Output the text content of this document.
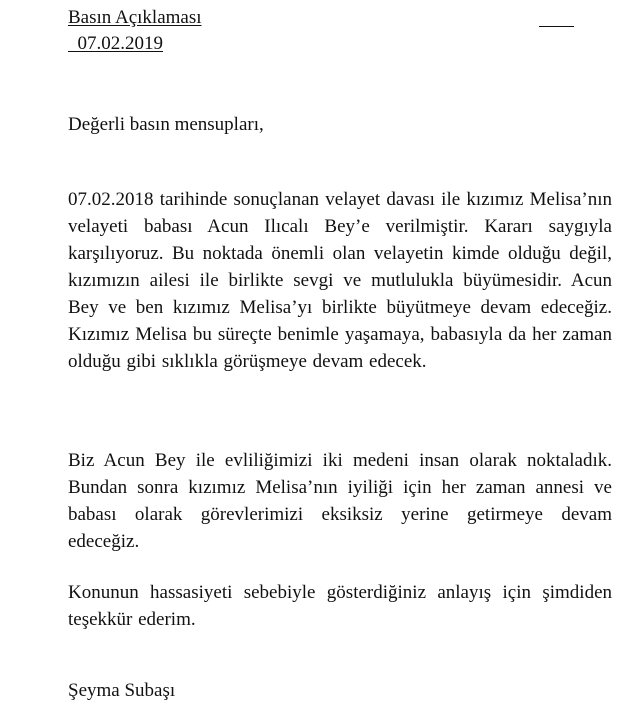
Basın Açıklaması
07.02.2019
Değerli basın mensupları,
07.02.2018 tarihinde sonuçlanan velayet davası ile kızımız Melisa’nın velayeti babası Acun Ilıcalı Bey’e verilmiştir. Kararı saygıyla karşılıyoruz. Bu noktada önemli olan velayetin kimde olduğu değil, kızımızın ailesi ile birlikte sevgi ve mutlulukla büyümesidir. Acun Bey ve ben kızımız Melisa’yı birlikte büyütmeye devam edeceğiz. Kızımız Melisa bu süreçte benimle yaşamaya, babasıyla da her zaman olduğu gibi sıklıkla görüşmeye devam edecek.
Biz Acun Bey ile evliliğimizi iki medeni insan olarak noktaladık. Bundan sonra kızımız Melisa’nın iyiliği için her zaman annesi ve babası olarak görevlerimizi eksiksiz yerine getirmeye devam edeceğiz.
Konunun hassasiyeti sebebiyle gösterdiğiniz anlayış için şimdiden teşekkür ederim.
Şeyma Subaşı
